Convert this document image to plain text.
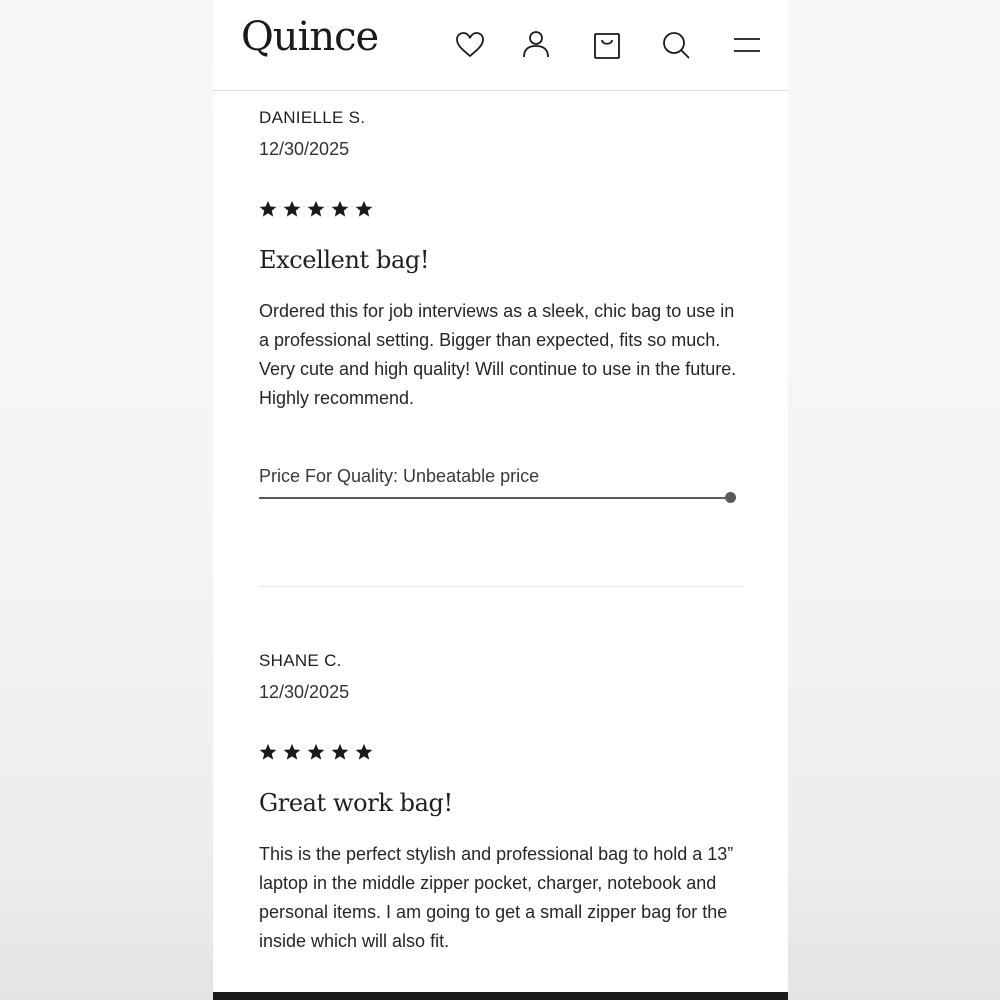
Quince
DANIELLE S.
12/30/2025
Excellent bag!
Ordered this for job interviews as a sleek, chic bag to use in a professional setting. Bigger than expected, fits so much. Very cute and high quality! Will continue to use in the future. Highly recommend.
Price For Quality: Unbeatable price
SHANE C.
12/30/2025
Great work bag!
This is the perfect stylish and professional bag to hold a 13” laptop in the middle zipper pocket, charger, notebook and personal items. I am going to get a small zipper bag for the inside which will also fit.
